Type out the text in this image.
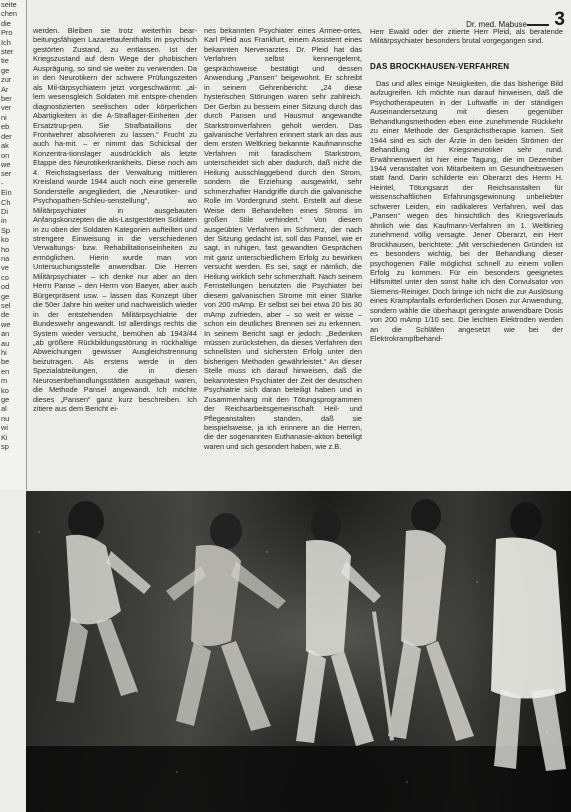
seite

chen

die

Pro

Ich

ster

tie

ge

zur

Ar

ber

ver

ni

eb

der

ak

on

we

ser

-

Ein

Ch

Di

in

Sp

ko

ho

na

ve

co

od

ge

sel

de

we

an

au

hi

be

en

m

ko

ge

al

nu

wi

Ki

sp

Dr. med. Mabuse 3

werden. Bleiben sie trotz weiterhin bear-beitungsfähigen Lazarettaufenthalts im psychisch gestörten Zustand, zu entlassen. Ist der Kriegszustand auf dem Wege der phobischen Ausprägung, so sind sie weiter zu verwenden. Da in den Neurotikern der schwere Prüfungszeiten als Mil-tärpsychiatern jetzt vorgeschwärmt: „al-lem wesensgleich Soldaten mit entspre-chenden diagnostizierten seelischen oder körperlichen Abartigkeiten in die A-Straflager-Einheiten ‚der Ersatztrup-pen. Sie Strafbataillons der Frontwehrer absolvieren zu lassen.“ Frucht zu auch ha-mit. – er nimmt das Schicksal der Konzentra-tionslager ausdrücklich als letzte Etappe des Neurotikerkrankheits. Diese noch am 4. Reichstagserlass der Verwaltung mittleren Kreisland wurde 1944 auch noch eine generelle Sonderstelle angegliedert, die „Neurotiker- und Psychopathen-Schleu-senstellung“, wo Militärpsychiater in ausgebauten Anfangskonzepten die als-Lastgestörten Soldaten in zu oben der Soldaten Kategorien aufteilten und strengere Einweisung in die verschiedenen Verwaltungs- bzw. Rehabilitationseinheiten zu ermöglichen. Hierin wurde man von Untersuchungsstelle anwendbar. Die Herren Militärpsychiater – ich denke nur aber an den Herrn Panse – den Herrn von Baeyer, aber auch Bürgerpräsent usw. – lassen das Konzept über die 50er Jahre hin weiter und nachweislich wieder in der entstehenden Militärpsychiatrie der Bundeswehr angewandt. Ist allerdings rechts die System wieder versucht, bemühen ab 1943/44 „ab größere Rückbildungsstörung in rückhaltige Abweichungen gewisser Ausgleichstrennung beizutragen. Als erstens werde in den Spezialabteilungen, die in diesen Neurosenbehandlungsstätten ausgebaut waren, die Methode Pansel angewandt. Ich möchte dieses „Pansen“ ganz kurz beschreiben. Ich zitiere aus dem Bericht ei-

nes bekannten Psychiater eines Armee-ortes, Karl Pleid aus Frankfurt, einem Assistent eines bekannten Nervenarztes. Dr. Pleid hat das Verfahren selbst kennengelernt, gesprächsweise bestätigt und dessen Anwendung „Pansen“ beigewohnt. Er schreibt in seinem Gehrenbericht: „24 diese hysterischen Störungen waren sehr zahlreich. Der Gerbin zu bessern einer Sitzung durch das durch Pansen und Hausmut angewandte Starkstromverfahren geholt werden. Das galvanische Verfahren erinnert stark an das aus dem ersten Weltkrieg bekannte Kaufmannsche Verfahren mit faradischem Starkstrom, unterscheidet sich aber dadurch, daß nicht die Heilung ausschlaggebend durch den Strom, sondern die Erziehung ausgewirkt, sehr schmerzhafter Handgriffe durch die galvanische Rolle im Vordergrund steht. Erstellt auf diese Weise dem Behandelten eines Stroms im großen Stile verhindert.“ Von diesem ausgeübten Verfahren im Schmerz, der nach der Sitzung gedacht ist, soll das Pansel, wie er sagt, in ruhigen, fast gewandten Gesprächen mit ganz unterschiedlichem Erfolg zu bewirken versucht werden. Es sei, sagt er nämlich, die Heilung wirklich sehr schmerzhaft. Nach seinem Fernstellungen benutzten die Psychiater bei diesem galvanischen Strome mit einer Stärke von 200 mAmp. Er selbst sei bei etwa 20 bis 30 mAmp zufrieden, aber – so weit er wisse – schon ein deutliches Brennen sei zu erkennen. In seinem Bericht sagt er jedoch: „Bedenken müssen zurückstehen, da dieses Verfahren den schnellsten und sichersten Erfolg unter den bisherigen Methoden gewährleistet.“ An dieser Stelle muss ich darauf hinweisen, daß die bekanntesten Psychiater der Zeit der deutschen Psychiatrie sich daran beteiligt haben und in Zusammenhang mit den Tötungsprogrammen der Reichsarbeitsgemeinschaft Heil- und Pflegeanstalten standen, daß sie beispielsweise, ja ich erinnere an die Herren, die der sogenannten Euthanasie-aktion beteiligt waren und sich gesondert haben, wie z.B.

Herr Ewald oder der zitierte Herr Pleid, als beratende Militärpsychiater besonders brutal vorgegangen sind.

DAS BROCKHAUSEN-VERFAHREN

Das und alles einige Neuigkeiten, die das bisherige Bild aufzugreifen. Ich möchte nun darauf hinweisen, daß die Psychotherapeuten in der Luftwaffe in der ständigen Auseinandersetzung mit diesen gegenüber Behandlungsmethoden eben eine zunehmende Rückkehr zu einer Methode der Gesprächstherapie kamen. Seit 1944 sind es sich der Ärzte in den beiden Strömen der Behandlung der Kriegsneurotiker sehr rund. Erwähnenswert ist hier eine Tagung, die im Dezember 1944 veranstaltet von Mitarbeitern im Gesundheitswesen statt fand. Darin schilderte ein Oberarzt des Herrn H. Heintel, Tötungsarzt der Reichsanstalten für wissenschaftlichen Erfahrungsgewinnung unbeliebter schwerer Leiden, ein radikaleres Verfahren, weil das „Pansen“ wegen des hinsichtlich des Kriegsverlaufs ähnlich wie das Kaufmann-Verfahren im 1. Weltkrieg zunehmend völlig versagte. Jener Oberarzt, ein Herr Brockhausen, berichtete: „Mit verschiedenen Gründen ist es besonders wichtig, bei der Behandlung dieser psychogenen Fälle möglichst schnell zu einem vollen Erfolg zu kommen. Für ein besonders geeignetes Hilfsmittel unter den sonst halte ich den Convulsator von Siemens-Reiniger. Doch bringe ich nicht die zur Auslösung eines Krampfanfalls erforderlichen Dosen zur Anwendung, sondern wähle die überhaupt geringste anwendbare Dosis von 200 mAmp 1/10 sec. Die leichten Elektroden werden an die Schläfen angesetzt wie bei der Elektrokrampfbehand-
